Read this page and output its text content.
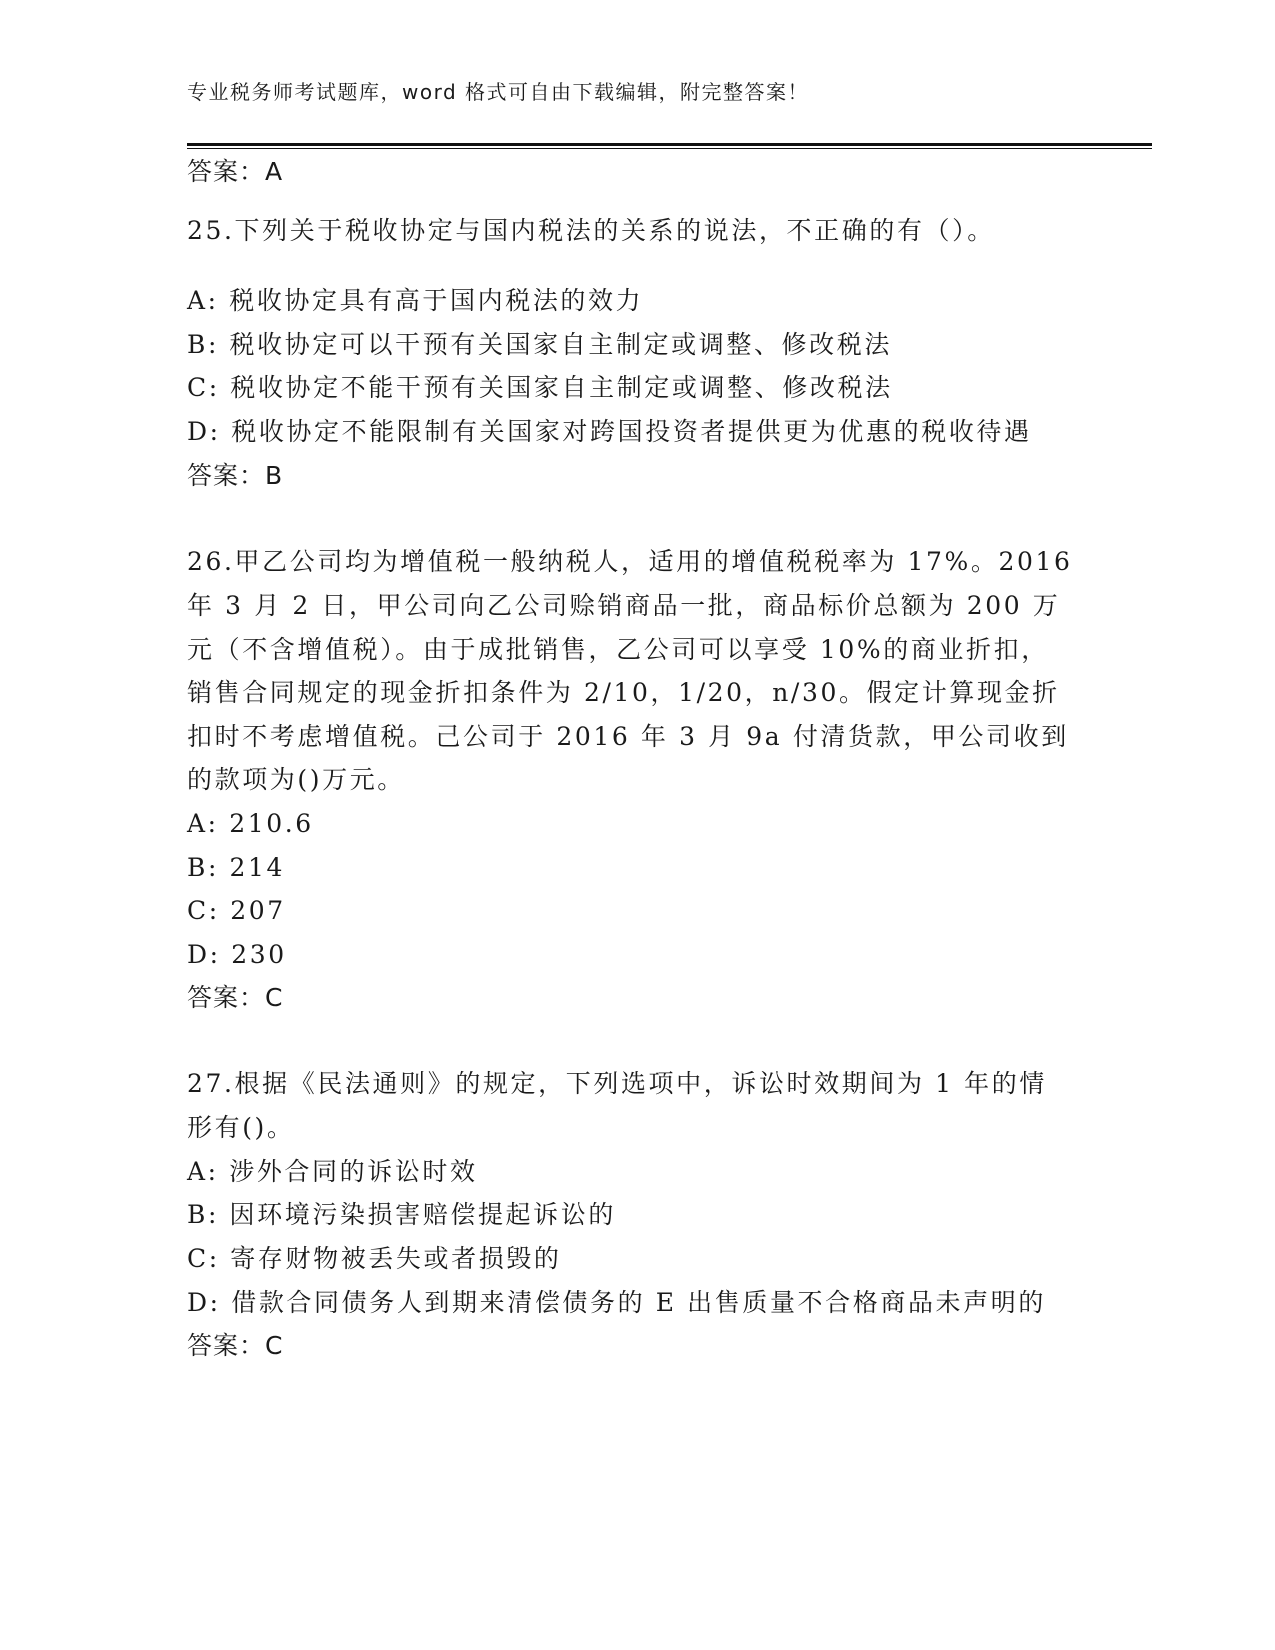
专业税务师考试题库，word 格式可自由下载编辑，附完整答案！
答案：A
25.下列关于税收协定与国内税法的关系的说法，不正确的有（）。
A: 税收协定具有高于国内税法的效力
B: 税收协定可以干预有关国家自主制定或调整、修改税法
C: 税收协定不能干预有关国家自主制定或调整、修改税法
D: 税收协定不能限制有关国家对跨国投资者提供更为优惠的税收待遇
答案：B
26.甲乙公司均为增值税一般纳税人，适用的增值税税率为 17%。2016
年 3 月 2 日，甲公司向乙公司赊销商品一批，商品标价总额为 200 万
元（不含增值税）。由于成批销售，乙公司可以享受 10%的商业折扣，
销售合同规定的现金折扣条件为 2/10，1/20，n/30。假定计算现金折
扣时不考虑增值税。己公司于 2016 年 3 月 9a 付清货款，甲公司收到
的款项为()万元。
A: 210.6
B: 214
C: 207
D: 230
答案：C
27.根据《民法通则》的规定，下列选项中，诉讼时效期间为 1 年的情
形有()。
A: 涉外合同的诉讼时效
B: 因环境污染损害赔偿提起诉讼的
C: 寄存财物被丢失或者损毁的
D: 借款合同债务人到期来清偿债务的 E 出售质量不合格商品未声明的
答案：C
